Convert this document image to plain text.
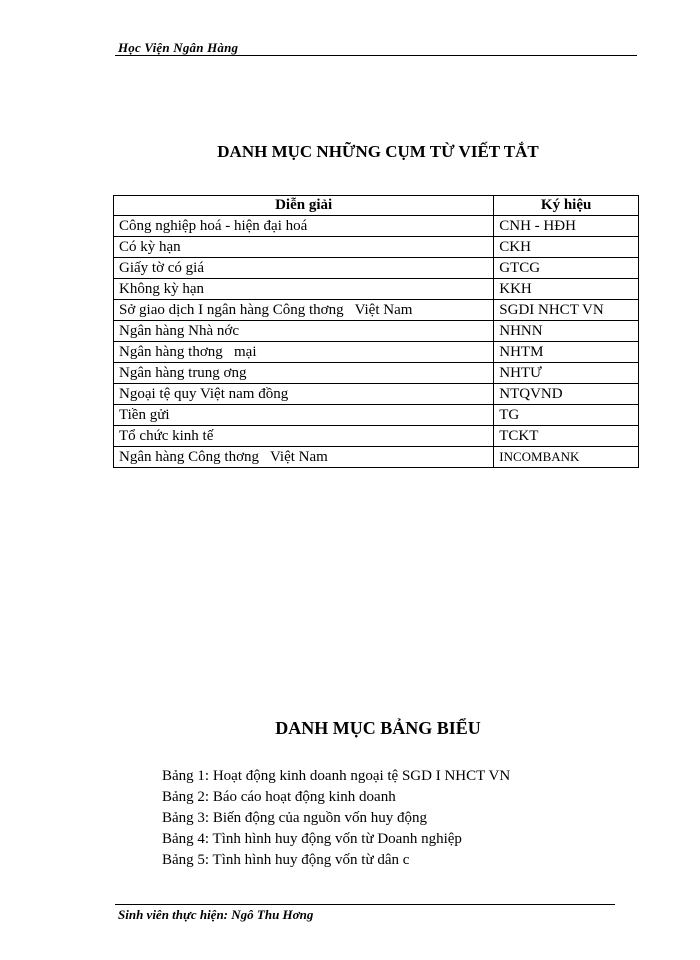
Học Viện Ngân Hàng
DANH MỤC NHỮNG CỤM TỪ VIẾT TẮT
Diễn giải	Ký hiệu
Công nghiệp hoá - hiện đại hoá	CNH - HĐH
Có kỳ hạn	CKH
Giấy tờ có giá	GTCG
Không kỳ hạn	KKH
Sở giao dịch I ngân hàng Công thơng   Việt Nam	SGDI NHCT VN
Ngân hàng Nhà nớc	NHNN
Ngân hàng thơng   mại	NHTM
Ngân hàng trung ơng	NHTƯ
Ngoại tệ quy Việt nam đồng	NTQVND
Tiền gửi	TG
Tổ chức kinh tế	TCKT
Ngân hàng Công thơng   Việt Nam	INCOMBANK
DANH MỤC BẢNG BIỂU
Bảng 1: Hoạt động kinh doanh ngoại tệ SGD I NHCT VN
Bảng 2: Báo cáo hoạt động kinh doanh
Bảng 3: Biến động của nguồn vốn huy động
Bảng 4: Tình hình huy động vốn từ Doanh nghiệp
Bảng 5: Tình hình huy động vốn từ dân c
Sinh viên thực hiện: Ngô Thu Hơng
